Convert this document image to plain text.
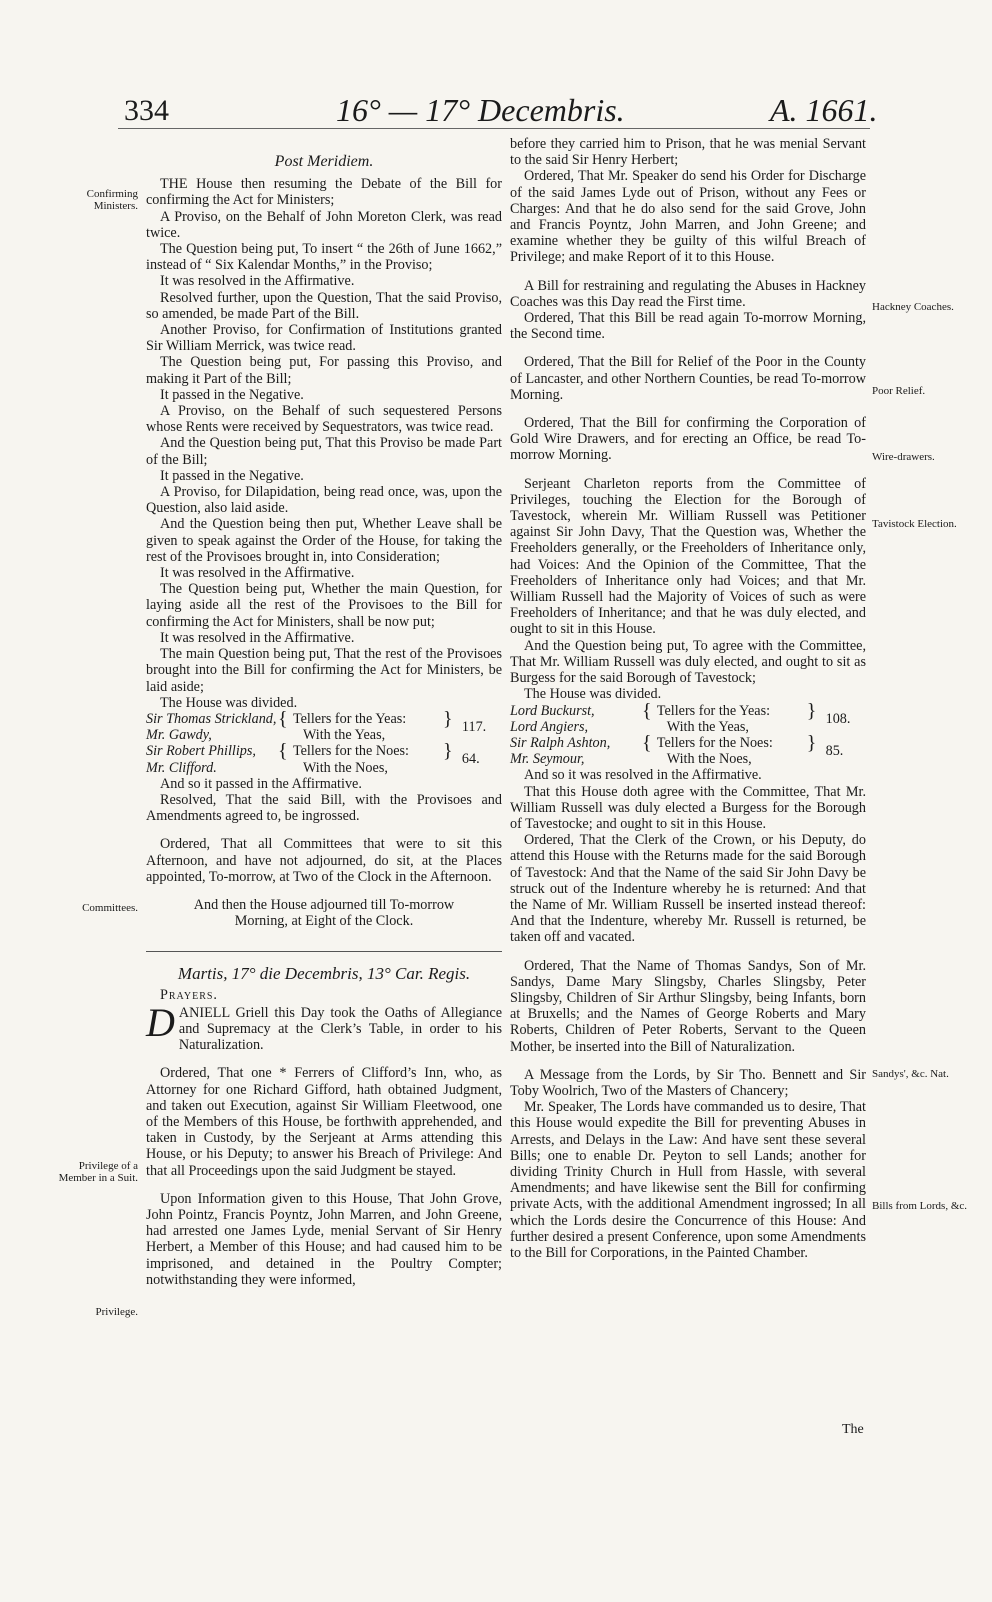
334	16° — 17° Decembris.	A. 1661.
Confirming Ministers.
Committees.
Privilege of a Member in a Suit.
Privilege.
Hackney Coaches.
Poor Relief.
Wire-drawers.
Tavistock Election.
Sandys', &c. Nat.
Bills from Lords, &c.
Post Meridiem.

THE House then resuming the Debate of the Bill for confirming the Act for Ministers;

A Proviso, on the Behalf of John Moreton Clerk, was read twice.

The Question being put, To insert “ the 26th of June 1662,” instead of “ Six Kalendar Months,” in the Proviso;

It was resolved in the Affirmative.

Resolved further, upon the Question, That the said Proviso, so amended, be made Part of the Bill.

Another Proviso, for Confirmation of Institutions granted Sir William Merrick, was twice read.

The Question being put, For passing this Proviso, and making it Part of the Bill;

It passed in the Negative.

A Proviso, on the Behalf of such sequestered Persons whose Rents were received by Sequestrators, was twice read.

And the Question being put, That this Proviso be made Part of the Bill;

It passed in the Negative.

A Proviso, for Dilapidation, being read once, was, upon the Question, also laid aside.

And the Question being then put, Whether Leave shall be given to speak against the Order of the House, for taking the rest of the Provisoes brought in, into Consideration;

It was resolved in the Affirmative.

The Question being put, Whether the main Question, for laying aside all the rest of the Provisoes to the Bill for confirming the Act for Ministers, shall be now put;

It was resolved in the Affirmative.

The main Question being put, That the rest of the Provisoes brought into the Bill for confirming the Act for Ministers, be laid aside;

The House was divided.

Sir Thomas Strickland,	{	Tellers for the Yeas:	}	117.
Mr. Gawdy,		With the Yeas,		
Sir Robert Phillips,	{	Tellers for the Noes:	}	64.
Mr. Clifford.		With the Noes,		

And so it passed in the Affirmative.

Resolved, That the said Bill, with the Provisoes and Amendments agreed to, be ingrossed.

Ordered, That all Committees that were to sit this Afternoon, and have not adjourned, do sit, at the Places appointed, To-morrow, at Two of the Clock in the Afternoon.

And then the House adjourned till To-morrow Morning, at Eight of the Clock.

Martis, 17° die Decembris, 13° Car. Regis.
Prayers.

DANIELL Griell this Day took the Oaths of Allegiance and Supremacy at the Clerk’s Table, in order to his Naturalization.

Ordered, That one * Ferrers of Clifford’s Inn, who, as Attorney for one Richard Gifford, hath obtained Judgment, and taken out Execution, against Sir William Fleetwood, one of the Members of this House, be forthwith apprehended, and taken in Custody, by the Serjeant at Arms attending this House, or his Deputy; to answer his Breach of Privilege: And that all Proceedings upon the said Judgment be stayed.

Upon Information given to this House, That John Grove, John Pointz, Francis Poyntz, John Marren, and John Greene, had arrested one James Lyde, menial Servant of Sir Henry Herbert, a Member of this House; and had caused him to be imprisoned, and detained in the Poultry Compter; notwithstanding they were informed,

before they carried him to Prison, that he was menial Servant to the said Sir Henry Herbert;

Ordered, That Mr. Speaker do send his Order for Discharge of the said James Lyde out of Prison, without any Fees or Charges: And that he do also send for the said Grove, John and Francis Poyntz, John Marren, and John Greene; and examine whether they be guilty of this wilful Breach of Privilege; and make Report of it to this House.

A Bill for restraining and regulating the Abuses in Hackney Coaches was this Day read the First time.

Ordered, That this Bill be read again To-morrow Morning, the Second time.

Ordered, That the Bill for Relief of the Poor in the County of Lancaster, and other Northern Counties, be read To-morrow Morning.

Ordered, That the Bill for confirming the Corporation of Gold Wire Drawers, and for erecting an Office, be read To-morrow Morning.

Serjeant Charleton reports from the Committee of Privileges, touching the Election for the Borough of Tavestock, wherein Mr. William Russell was Petitioner against Sir John Davy, That the Question was, Whether the Freeholders generally, or the Freeholders of Inheritance only, had Voices: And the Opinion of the Committee, That the Freeholders of Inheritance only had Voices; and that Mr. William Russell had the Majority of Voices of such as were Freeholders of Inheritance; and that he was duly elected, and ought to sit in this House.

And the Question being put, To agree with the Committee, That Mr. William Russell was duly elected, and ought to sit as Burgess for the said Borough of Tavestock;

The House was divided.

Lord Buckurst,	{	Tellers for the Yeas:	}	108.
Lord Angiers,		With the Yeas,		
Sir Ralph Ashton,	{	Tellers for the Noes:	}	85.
Mr. Seymour,		With the Noes,		

And so it was resolved in the Affirmative.

That this House doth agree with the Committee, That Mr. William Russell was duly elected a Burgess for the Borough of Tavestocke; and ought to sit in this House.

Ordered, That the Clerk of the Crown, or his Deputy, do attend this House with the Returns made for the said Borough of Tavestock: And that the Name of the said Sir John Davy be struck out of the Indenture whereby he is returned: And that the Name of Mr. William Russell be inserted instead thereof: And that the Indenture, whereby Mr. Russell is returned, be taken off and vacated.

Ordered, That the Name of Thomas Sandys, Son of Mr. Sandys, Dame Mary Slingsby, Charles Slingsby, Peter Slingsby, Children of Sir Arthur Slingsby, being Infants, born at Bruxells; and the Names of George Roberts and Mary Roberts, Children of Peter Roberts, Servant to the Queen Mother, be inserted into the Bill of Naturalization.

A Message from the Lords, by Sir Tho. Bennett and Sir Toby Woolrich, Two of the Masters of Chancery;

Mr. Speaker, The Lords have commanded us to desire, That this House would expedite the Bill for preventing Abuses in Arrests, and Delays in the Law: And have sent these several Bills; one to enable Dr. Peyton to sell Lands; another for dividing Trinity Church in Hull from Hassle, with several Amendments; and have likewise sent the Bill for confirming private Acts, with the additional Amendment ingrossed; In all which the Lords desire the Concurrence of this House: And further desired a present Conference, upon some Amendments to the Bill for Corporations, in the Painted Chamber.

The
